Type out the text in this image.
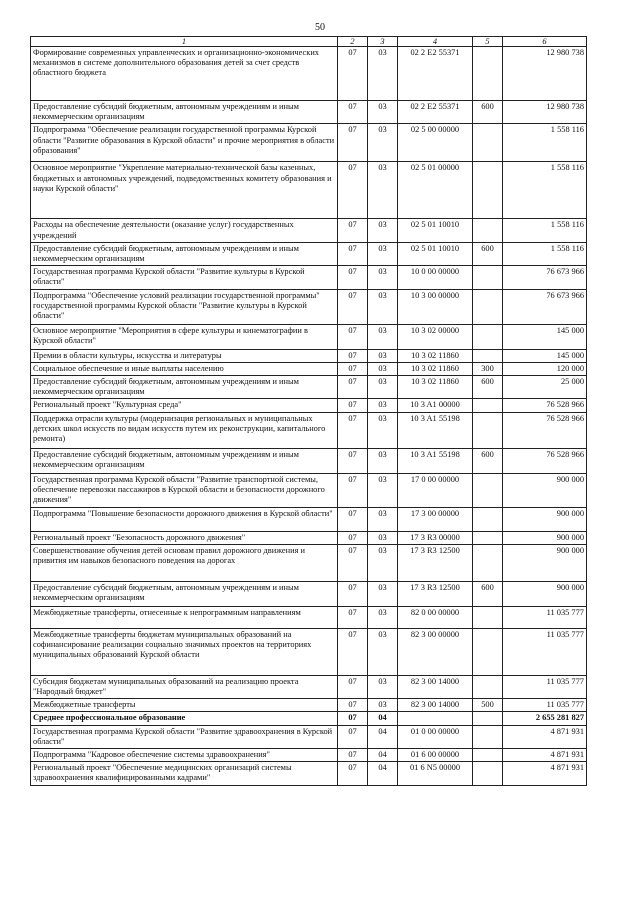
50
1	2	3	4	5	6
Формирование современных управленческих и организационно-экономических механизмов в системе дополнительного образования детей за счет средств областного бюджета	07	03	02 2 E2 55371		12 980 738
Предоставление субсидий бюджетным, автономным учреждениям и иным некоммерческим организациям	07	03	02 2 E2 55371	600	12 980 738
Подпрограмма "Обеспечение реализации государственной программы Курской области "Развитие образования в Курской области" и прочие мероприятия в области образования"	07	03	02 5 00 00000		1 558 116
Основное мероприятие "Укрепление материально-технической базы казенных, бюджетных и автономных учреждений, подведомственных комитету образования и науки Курской области"	07	03	02 5 01 00000		1 558 116
Расходы на обеспечение деятельности (оказание услуг) государственных учреждений	07	03	02 5 01 10010		1 558 116
Предоставление субсидий бюджетным, автономным учреждениям и иным некоммерческим организациям	07	03	02 5 01 10010	600	1 558 116
Государственная программа Курской области "Развитие культуры в Курской области"	07	03	10 0 00 00000		76 673 966
Подпрограмма "Обеспечение условий реализации государственной программы" государственной программы Курской области "Развитие культуры в Курской области"	07	03	10 3 00 00000		76 673 966
Основное мероприятие "Мероприятия в сфере культуры и кинематографии в Курской области"	07	03	10 3 02 00000		145 000
Премии в области культуры, искусства и литературы	07	03	10 3 02 11860		145 000
Социальное обеспечение и иные выплаты населению	07	03	10 3 02 11860	300	120 000
Предоставление субсидий бюджетным, автономным учреждениям и иным некоммерческим организациям	07	03	10 3 02 11860	600	25 000
Региональный проект "Культурная среда"	07	03	10 3 A1 00000		76 528 966
Поддержка отрасли культуры (модернизация региональных и муниципальных детских школ искусств по видам искусств путем их реконструкции, капитального ремонта)	07	03	10 3 A1 55198		76 528 966
Предоставление субсидий бюджетным, автономным учреждениям и иным некоммерческим организациям	07	03	10 3 A1 55198	600	76 528 966
Государственная программа Курской области "Развитие транспортной системы, обеспечение перевозки пассажиров в Курской области и безопасности дорожного движения"	07	03	17 0 00 00000		900 000
Подпрограмма "Повышение безопасности дорожного движения в Курской области"	07	03	17 3 00 00000		900 000
Региональный проект "Безопасность дорожного движения"	07	03	17 3 R3 00000		900 000
Совершенствование обучения детей основам правил дорожного движения и привития им навыков безопасного поведения на дорогах	07	03	17 3 R3 12500		900 000
Предоставление субсидий бюджетным, автономным учреждениям и иным некоммерческим организациям	07	03	17 3 R3 12500	600	900 000
Межбюджетные трансферты, отнесенные к непрограммным направлениям	07	03	82 0 00 00000		11 035 777
Межбюджетные трансферты бюджетам муниципальных образований на софинансирование реализации социально значимых проектов на территориях муниципальных образований Курской области	07	03	82 3 00 00000		11 035 777
Субсидия бюджетам муниципальных образований на реализацию проекта "Народный бюджет"	07	03	82 3 00 14000		11 035 777
Межбюджетные трансферты	07	03	82 3 00 14000	500	11 035 777
Среднее профессиональное образование	07	04			2 655 281 827
Государственная программа Курской области "Развитие здравоохранения в Курской области"	07	04	01 0 00 00000		4 871 931
Подпрограмма "Кадровое обеспечение системы здравоохранения"	07	04	01 6 00 00000		4 871 931
Региональный проект "Обеспечение медицинских организаций системы здравоохранения квалифицированными кадрами"	07	04	01 6 N5 00000		4 871 931
